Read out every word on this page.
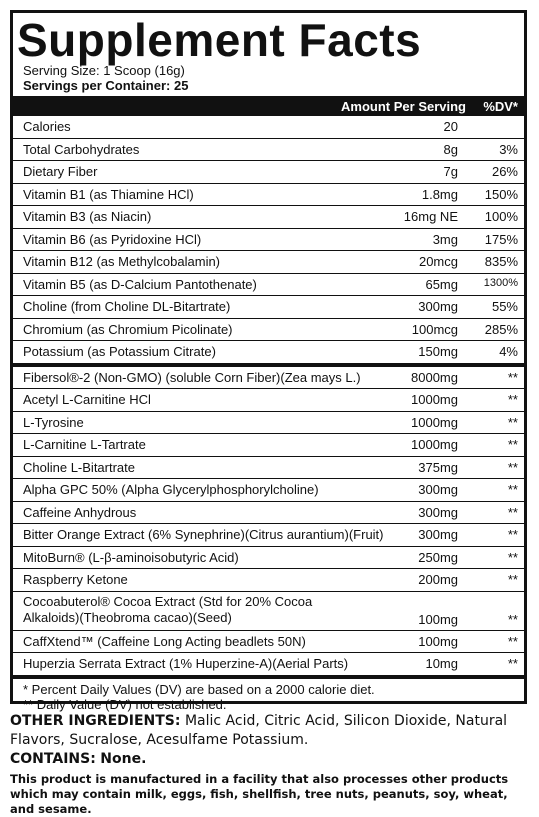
Supplement Facts
Serving Size: 1 Scoop (16g)
Servings per Container: 25
Amount Per Serving %DV*
Calories	20
Total Carbohydrates	8g	3%
Dietary Fiber	7g	26%
Vitamin B1 (as Thiamine HCl)	1.8mg	150%
Vitamin B3 (as Niacin)	16mg NE	100%
Vitamin B6 (as Pyridoxine HCl)	3mg	175%
Vitamin B12 (as Methylcobalamin)	20mcg	835%
Vitamin B5 (as D-Calcium Pantothenate)	65mg	1300%
Choline (from Choline DL-Bitartrate)	300mg	55%
Chromium (as Chromium Picolinate)	100mcg	285%
Potassium (as Potassium Citrate)	150mg	4%
Fibersol®-2 (Non-GMO) (soluble Corn Fiber)(Zea mays L.)	8000mg	**
Acetyl L-Carnitine HCl	1000mg	**
L-Tyrosine	1000mg	**
L-Carnitine L-Tartrate	1000mg	**
Choline L-Bitartrate	375mg	**
Alpha GPC 50% (Alpha Glycerylphosphorylcholine)	300mg	**
Caffeine Anhydrous	300mg	**
Bitter Orange Extract (6% Synephrine)(Citrus aurantium)(Fruit)	300mg	**
MitoBurn® (L-β-aminoisobutyric Acid)	250mg	**
Raspberry Ketone	200mg	**
Cocoabuterol® Cocoa Extract (Std for 20% Cocoa Alkaloids)(Theobroma cacao)(Seed)	100mg	**
CaffXtend™ (Caffeine Long Acting beadlets 50N)	100mg	**
Huperzia Serrata Extract (1% Huperzine-A)(Aerial Parts)	10mg	**
* Percent Daily Values (DV) are based on a 2000 calorie diet.
** Daily Value (DV) not established.
OTHER INGREDIENTS: Malic Acid, Citric Acid, Silicon Dioxide, Natural Flavors, Sucralose, Acesulfame Potassium.
CONTAINS: None.
This product is manufactured in a facility that also processes other products which may contain milk, eggs, fish, shellfish, tree nuts, peanuts, soy, wheat, and sesame.
